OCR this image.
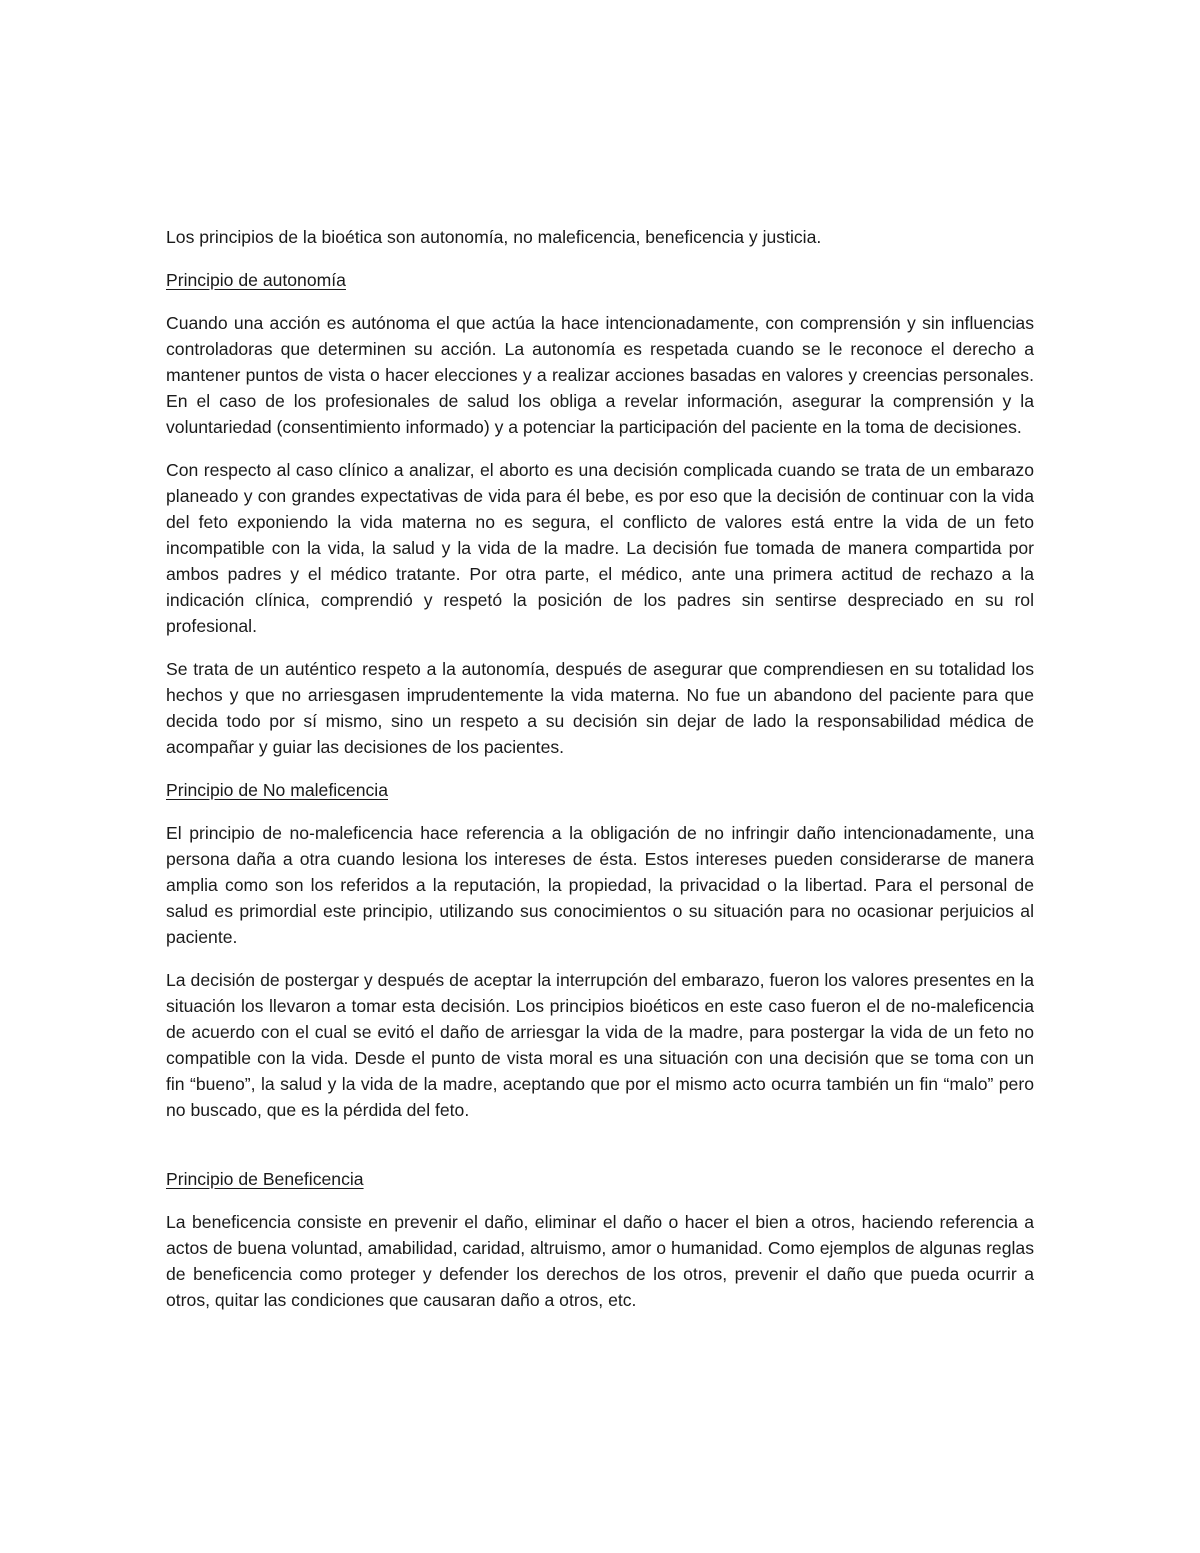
Los principios de la bioética son autonomía, no maleficencia, beneficencia y justicia.

Principio de autonomía

Cuando una acción es autónoma el que actúa la hace intencionadamente, con comprensión y sin influencias controladoras que determinen su acción. La autonomía es respetada cuando se le reconoce el derecho a mantener puntos de vista o hacer elecciones y a realizar acciones basadas en valores y creencias personales. En el caso de los profesionales de salud los obliga a revelar información, asegurar la comprensión y la voluntariedad (consentimiento informado) y a potenciar la participación del paciente en la toma de decisiones.

Con respecto al caso clínico a analizar, el aborto es una decisión complicada cuando se trata de un embarazo planeado y con grandes expectativas de vida para él bebe, es por eso que la decisión de continuar con la vida del feto exponiendo la vida materna no es segura, el conflicto de valores está entre la vida de un feto incompatible con la vida, la salud y la vida de la madre. La decisión fue tomada de manera compartida por ambos padres y el médico tratante. Por otra parte, el médico, ante una primera actitud de rechazo a la indicación clínica, comprendió y respetó la posición de los padres sin sentirse despreciado en su rol profesional.

Se trata de un auténtico respeto a la autonomía, después de asegurar que comprendiesen en su totalidad los hechos y que no arriesgasen imprudentemente la vida materna. No fue un abandono del paciente para que decida todo por sí mismo, sino un respeto a su decisión sin dejar de lado la responsabilidad médica de acompañar y guiar las decisiones de los pacientes.

Principio de No maleficencia

El principio de no-maleficencia hace referencia a la obligación de no infringir daño intencionadamente, una persona daña a otra cuando lesiona los intereses de ésta. Estos intereses pueden considerarse de manera amplia como son los referidos a la reputación, la propiedad, la privacidad o la libertad. Para el personal de salud es primordial este principio, utilizando sus conocimientos o su situación para no ocasionar perjuicios al paciente.

La decisión de postergar y después de aceptar la interrupción del embarazo, fueron los valores presentes en la situación los llevaron a tomar esta decisión. Los principios bioéticos en este caso fueron el de no-maleficencia de acuerdo con el cual se evitó el daño de arriesgar la vida de la madre, para postergar la vida de un feto no compatible con la vida. Desde el punto de vista moral es una situación con una decisión que se toma con un fin “bueno”, la salud y la vida de la madre, aceptando que por el mismo acto ocurra también un fin “malo” pero no buscado, que es la pérdida del feto.

Principio de Beneficencia

La beneficencia consiste en prevenir el daño, eliminar el daño o hacer el bien a otros, haciendo referencia a actos de buena voluntad, amabilidad, caridad, altruismo, amor o humanidad. Como ejemplos de algunas reglas de beneficencia como proteger y defender los derechos de los otros, prevenir el daño que pueda ocurrir a otros, quitar las condiciones que causaran daño a otros, etc.
